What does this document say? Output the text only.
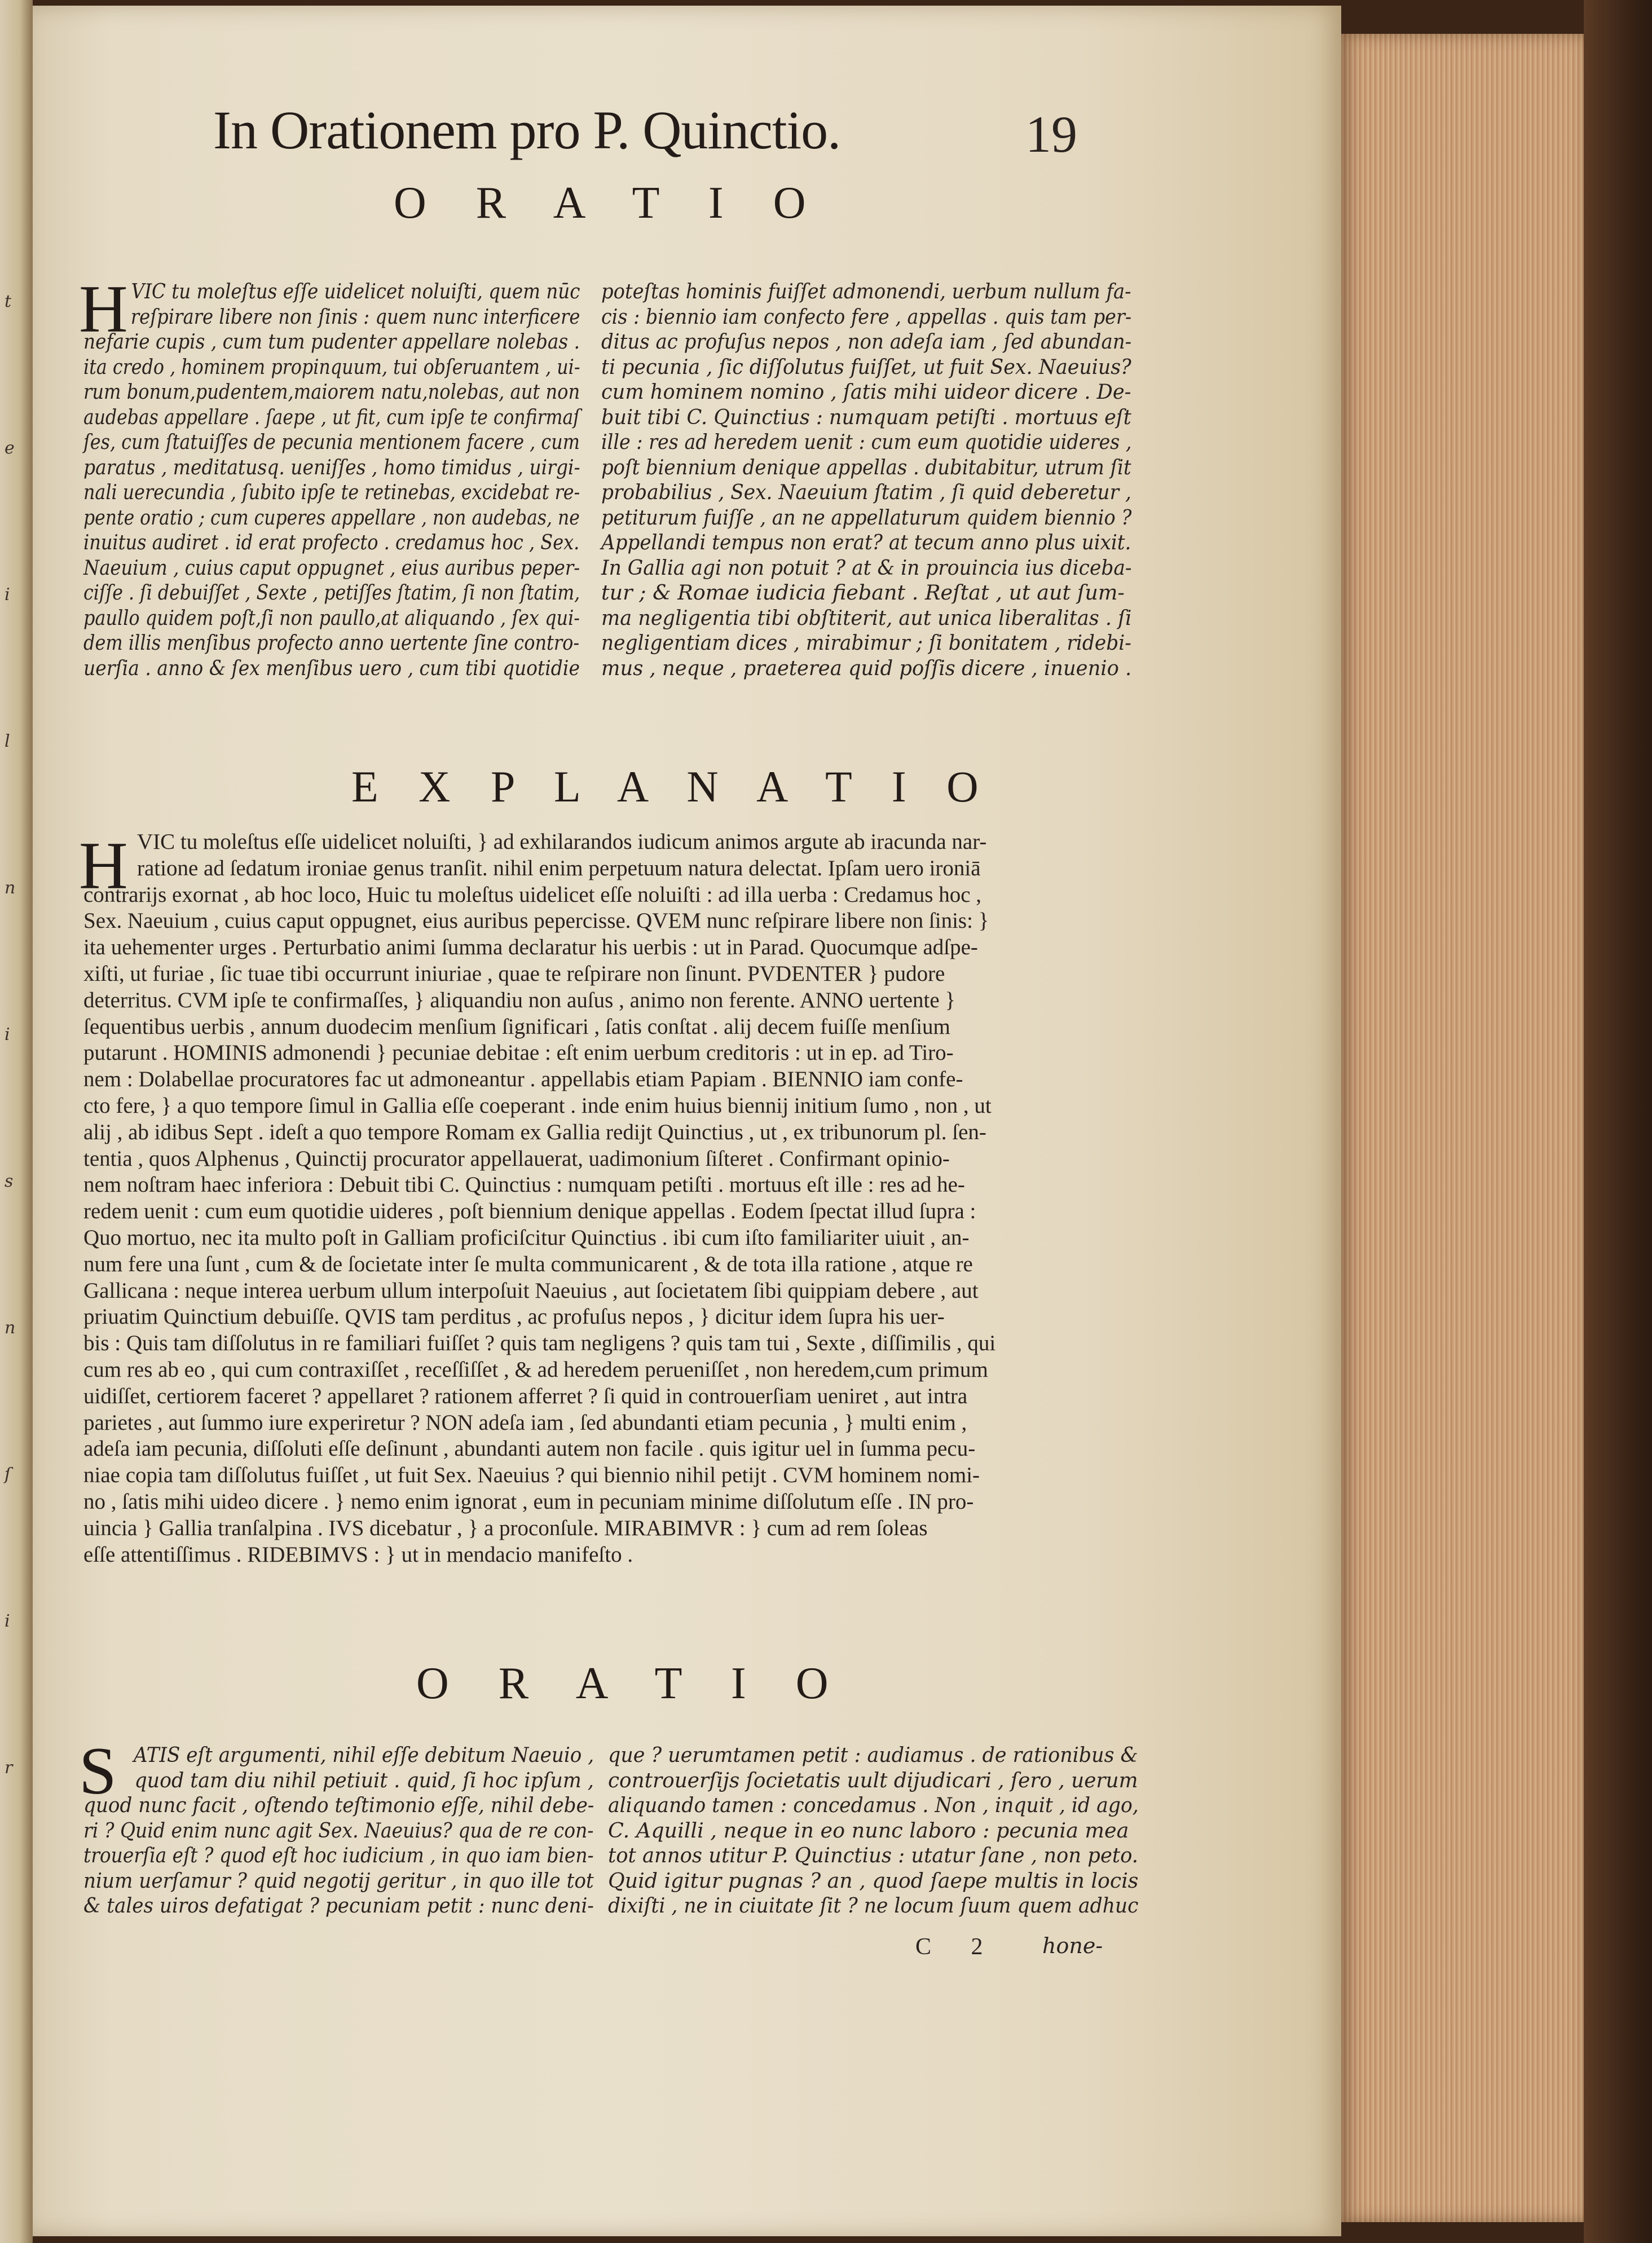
t
e
i
l
n
i
s
n
ſ
i
r
In Orationem pro P. Quinctio.	19
O R A T I O
H VIC tu moleſtus eſſe uidelicet noluiſti, quem nūc
reſpirare libere non ſinis : quem nunc interficere
nefarie cupis , cum tum pudenter appellare nolebas .
ita credo , hominem propinquum, tui obſeruantem , ui-
rum bonum,pudentem,maiorem natu,nolebas, aut non
audebas appellare . ſaepe , ut fit, cum ipſe te confirmaſ
ſes, cum ſtatuiſſes de pecunia mentionem facere , cum
paratus , meditatusq. ueniſſes , homo timidus , uirgi-
nali uerecundia , ſubito ipſe te retinebas, excidebat re-
pente oratio ; cum cuperes appellare , non audebas, ne
inuitus audiret . id erat profecto . credamus hoc , Sex.
Naeuium , cuius caput oppugnet , eius auribus peper-
ciſſe . ſi debuiſſet , Sexte , petiſſes ſtatim, ſi non ſtatim,
paullo quidem poſt,ſi non paullo,at aliquando , ſex qui-
dem illis menſibus profecto anno uertente ſine contro-
uerſia . anno & ſex menſibus uero , cum tibi quotidie
poteſtas hominis fuiſſet admonendi, uerbum nullum fa-
cis : biennio iam confecto fere , appellas . quis tam per-
ditus ac profuſus nepos , non adeſa iam , ſed abundan-
ti pecunia , ſic diſſolutus fuiſſet, ut fuit Sex. Naeuius?
cum hominem nomino , ſatis mihi uideor dicere . De-
buit tibi C. Quinctius : numquam petiſti . mortuus eſt
ille : res ad heredem uenit : cum eum quotidie uideres ,
poſt biennium denique appellas . dubitabitur, utrum ſit
probabilius , Sex. Naeuium ſtatim , ſi quid deberetur ,
petiturum fuiſſe , an ne appellaturum quidem biennio ?
Appellandi tempus non erat? at tecum anno plus uixit.
In Gallia agi non potuit ? at & in prouincia ius diceba-
tur ; & Romae iudicia fiebant . Reſtat , ut aut ſum-
ma negligentia tibi obſtiterit, aut unica liberalitas . ſi
negligentiam dices , mirabimur ; ſi bonitatem , ridebi-
mus , neque , praeterea quid poſſis dicere , inuenio .
E X P L A N A T I O
H VIC tu moleſtus eſſe uidelicet noluiſti, } ad exhilarandos iudicum animos argute ab iracunda nar-
ratione ad ſedatum ironiae genus tranſit. nihil enim perpetuum natura delectat. Ipſam uero ironiā
contrarijs exornat , ab hoc loco, Huic tu moleſtus uidelicet eſſe noluiſti : ad illa uerba : Credamus hoc ,
Sex. Naeuium , cuius caput oppugnet, eius auribus pepercisse. QVEM nunc reſpirare libere non ſinis: }
ita uehementer urges . Perturbatio animi ſumma declaratur his uerbis : ut in Parad. Quocumque adſpe-
xiſti, ut furiae , ſic tuae tibi occurrunt iniuriae , quae te reſpirare non ſinunt. PVDENTER } pudore
deterritus. CVM ipſe te confirmaſſes, } aliquandiu non auſus , animo non ferente. ANNO uertente }
ſequentibus uerbis , annum duodecim menſium ſignificari , ſatis conſtat . alij decem fuiſſe menſium
putarunt . HOMINIS admonendi } pecuniae debitae : eſt enim uerbum creditoris : ut in ep. ad Tiro-
nem : Dolabellae procuratores fac ut admoneantur . appellabis etiam Papiam . BIENNIO iam confe-
cto fere, } a quo tempore ſimul in Gallia eſſe coeperant . inde enim huius biennij initium ſumo , non , ut
alij , ab idibus Sept . ideſt a quo tempore Romam ex Gallia redijt Quinctius , ut , ex tribunorum pl. ſen-
tentia , quos Alphenus , Quinctij procurator appellauerat, uadimonium ſiſteret . Confirmant opinio-
nem noſtram haec inferiora : Debuit tibi C. Quinctius : numquam petiſti . mortuus eſt ille : res ad he-
redem uenit : cum eum quotidie uideres , poſt biennium denique appellas . Eodem ſpectat illud ſupra :
Quo mortuo, nec ita multo poſt in Galliam proficiſcitur Quinctius . ibi cum iſto familiariter uiuit , an-
num fere una ſunt , cum & de ſocietate inter ſe multa communicarent , & de tota illa ratione , atque re
Gallicana : neque interea uerbum ullum interpoſuit Naeuius , aut ſocietatem ſibi quippiam debere , aut
priuatim Quinctium debuiſſe. QVIS tam perditus , ac profuſus nepos , } dicitur idem ſupra his uer-
bis : Quis tam diſſolutus in re familiari fuiſſet ? quis tam negligens ? quis tam tui , Sexte , diſſimilis , qui
cum res ab eo , qui cum contraxiſſet , receſſiſſet , & ad heredem perueniſſet , non heredem,cum primum
uidiſſet, certiorem faceret ? appellaret ? rationem afferret ? ſi quid in controuerſiam ueniret , aut intra
parietes , aut ſummo iure experiretur ? NON adeſa iam , ſed abundanti etiam pecunia , } multi enim ,
adeſa iam pecunia, diſſoluti eſſe deſinunt , abundanti autem non facile . quis igitur uel in ſumma pecu-
niae copia tam diſſolutus fuiſſet , ut fuit Sex. Naeuius ? qui biennio nihil petijt . CVM hominem nomi-
no , ſatis mihi uideo dicere . } nemo enim ignorat , eum in pecuniam minime diſſolutum eſſe . IN pro-
uincia } Gallia tranſalpina . IVS dicebatur , } a proconſule. MIRABIMVR : } cum ad rem ſoleas
eſſe attentiſſimus . RIDEBIMVS : } ut in mendacio manifeſto .
O R A T I O
S ATIS eſt argumenti, nihil eſſe debitum Naeuio ,
quod tam diu nihil petiuit . quid, ſi hoc ipſum ,
quod nunc facit , oſtendo teſtimonio eſſe, nihil debe-
ri ? Quid enim nunc agit Sex. Naeuius? qua de re con-
trouerſia eſt ? quod eſt hoc iudicium , in quo iam bien-
nium uerſamur ? quid negotij geritur , in quo ille tot
& tales uiros defatigat ? pecuniam petit : nunc deni-
que ? uerumtamen petit : audiamus . de rationibus &
controuerſijs ſocietatis uult dijudicari , ſero , uerum
aliquando tamen : concedamus . Non , inquit , id ago,
C. Aquilli , neque in eo nunc laboro : pecunia mea
tot annos utitur P. Quinctius : utatur ſane , non peto.
Quid igitur pugnas ? an , quod ſaepe multis in locis
dixiſti , ne in ciuitate ſit ? ne locum ſuum quem adhuc
C 2 hone-
